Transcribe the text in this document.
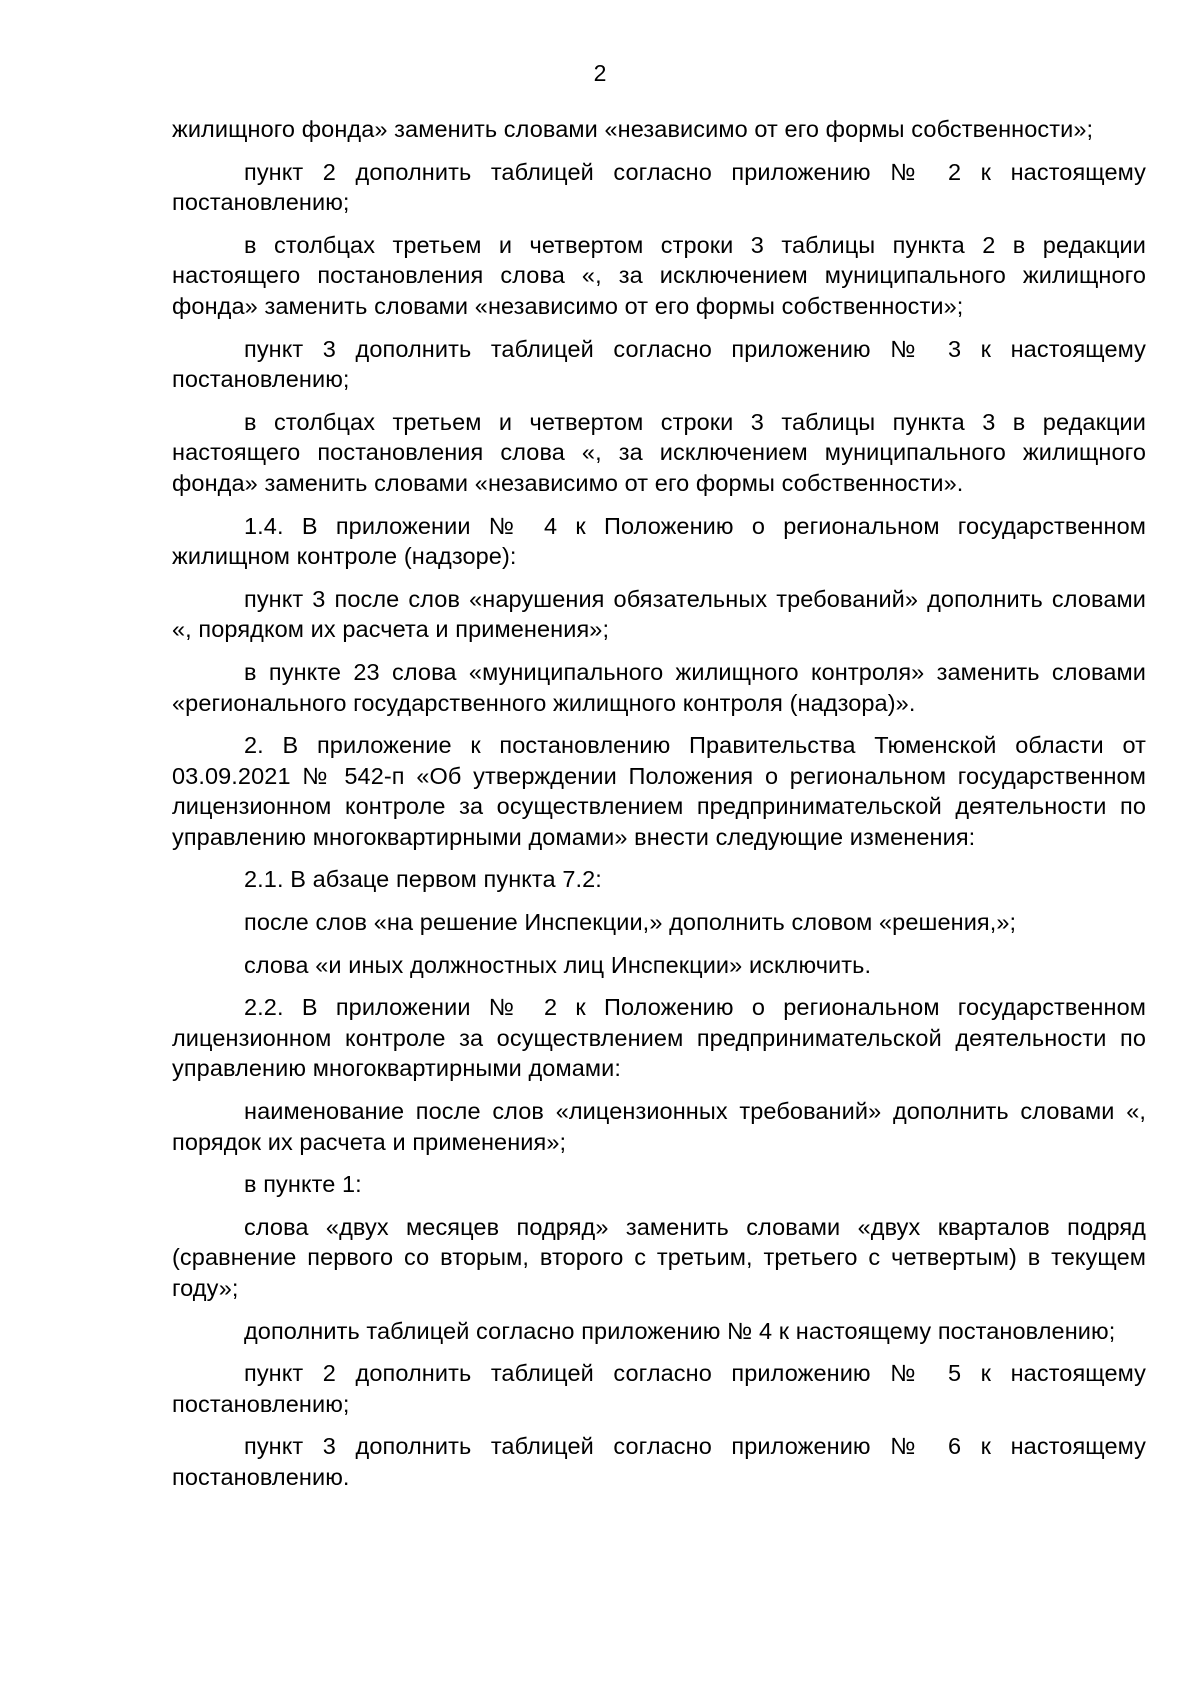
2

жилищного фонда» заменить словами «независимо от его формы собственности»;

пункт 2 дополнить таблицей согласно приложению № 2 к настоящему постановлению;

в столбцах третьем и четвертом строки 3 таблицы пункта 2 в редакции настоящего постановления слова «, за исключением муниципального жилищного фонда» заменить словами «независимо от его формы собственности»;

пункт 3 дополнить таблицей согласно приложению № 3 к настоящему постановлению;

в столбцах третьем и четвертом строки 3 таблицы пункта 3 в редакции настоящего постановления слова «, за исключением муниципального жилищного фонда» заменить словами «независимо от его формы собственности».

1.4. В приложении № 4 к Положению о региональном государственном жилищном контроле (надзоре):

пункт 3 после слов «нарушения обязательных требований» дополнить словами «, порядком их расчета и применения»;

в пункте 23 слова «муниципального жилищного контроля» заменить словами «регионального государственного жилищного контроля (надзора)».

2. В приложение к постановлению Правительства Тюменской области от 03.09.2021 № 542-п «Об утверждении Положения о региональном государственном лицензионном контроле за осуществлением предпринимательской деятельности по управлению многоквартирными домами» внести следующие изменения:

2.1. В абзаце первом пункта 7.2:

после слов «на решение Инспекции,» дополнить словом «решения,»;

слова «и иных должностных лиц Инспекции» исключить.

2.2. В приложении № 2 к Положению о региональном государственном лицензионном контроле за осуществлением предпринимательской деятельности по управлению многоквартирными домами:

наименование после слов «лицензионных требований» дополнить словами «, порядок их расчета и применения»;

в пункте 1:

слова «двух месяцев подряд» заменить словами «двух кварталов подряд (сравнение первого со вторым, второго с третьим, третьего с четвертым) в текущем году»;

дополнить таблицей согласно приложению № 4 к настоящему постановлению;

пункт 2 дополнить таблицей согласно приложению № 5 к настоящему постановлению;

пункт 3 дополнить таблицей согласно приложению № 6 к настоящему постановлению.
